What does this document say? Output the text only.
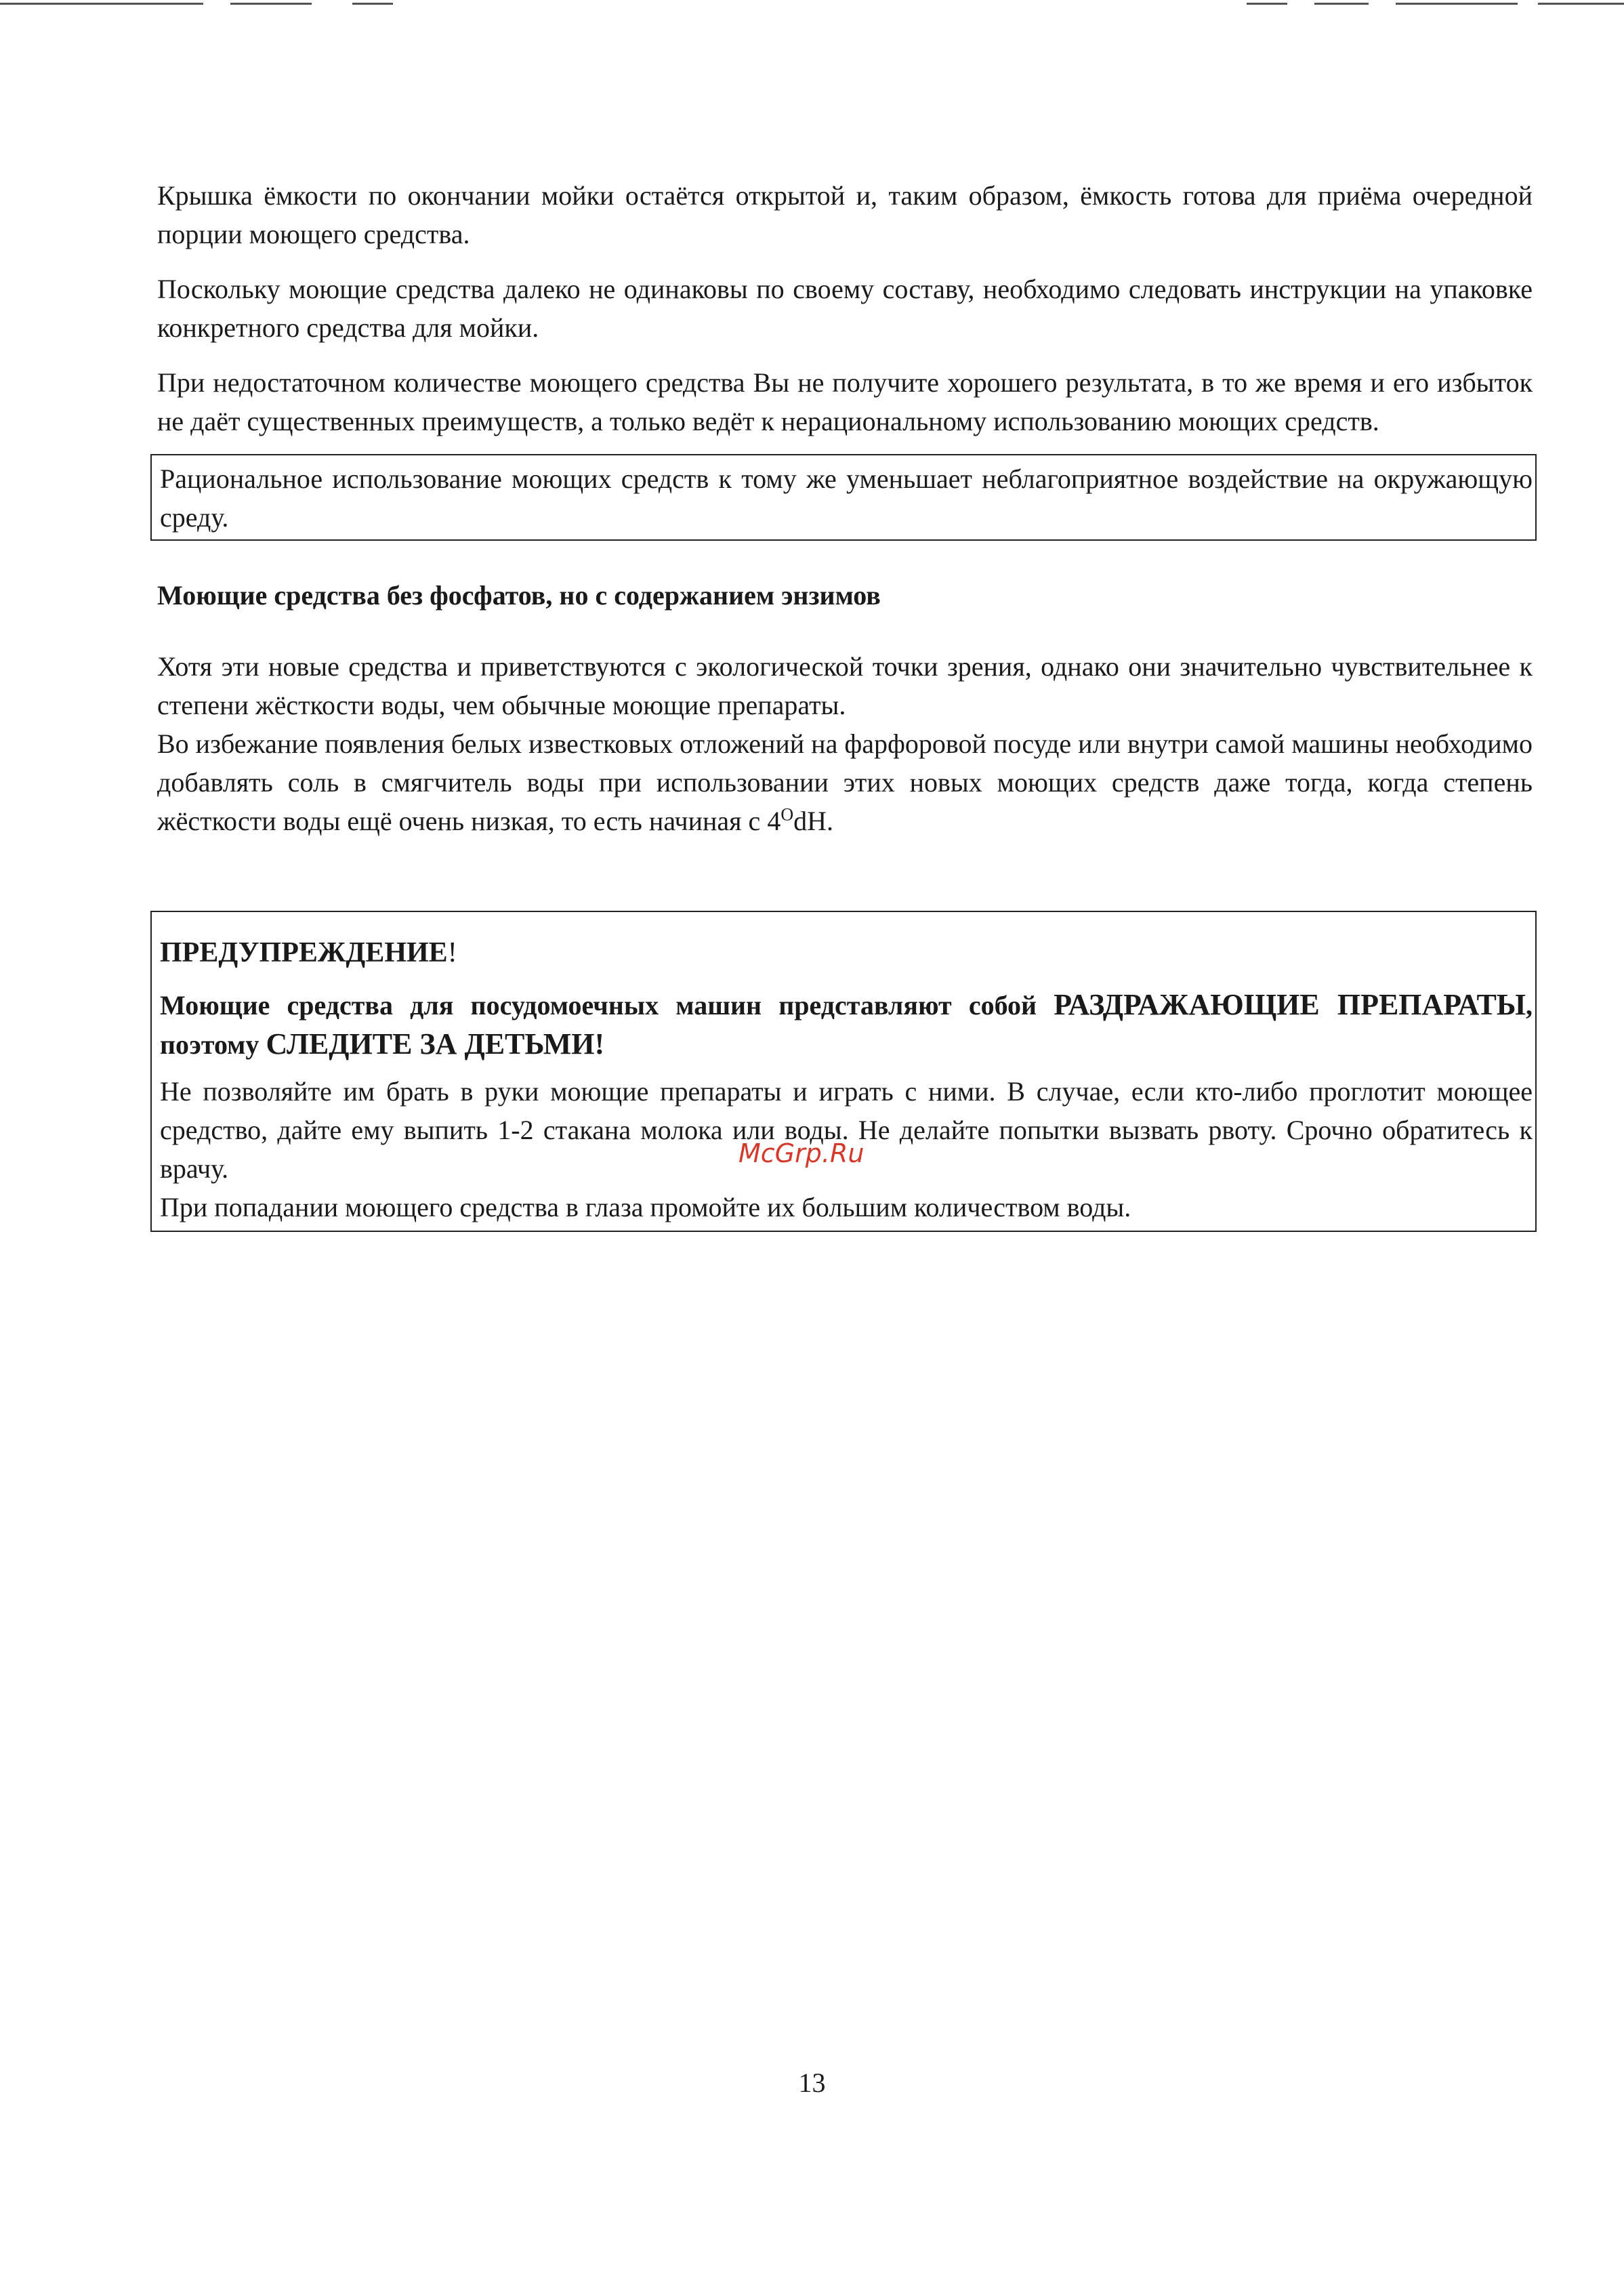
Крышка ёмкости по окончании мойки остаётся открытой и, таким образом, ёмкость готова для приёма очередной порции моющего средства.

Поскольку моющие средства далеко не одинаковы по своему составу, необходимо следовать инструкции на упаковке конкретного средства для мойки.

При недостаточном количестве моющего средства Вы не получите хорошего результата, в то же время и его избыток не даёт существенных преимуществ, а только ведёт к нерациональному использованию моющих средств.

Рациональное использование моющих средств к тому же уменьшает неблагоприятное воздействие на окружающую среду.

Моющие средства без фосфатов, но с содержанием энзимов

Хотя эти новые средства и приветствуются с экологической точки зрения, однако они значительно чувствительнее к степени жёсткости воды, чем обычные моющие препараты.

Во избежание появления белых известковых отложений на фарфоровой посуде или внутри самой машины необходимо добавлять соль в смягчитель воды при использовании этих новых моющих средств даже тогда, когда степень жёсткости воды ещё очень низкая, то есть начиная с $4^OdH$.

ПРЕДУПРЕЖДЕНИЕ!

Моющие средства для посудомоечных машин представляют собой РАЗДРАЖАЮЩИЕ ПРЕПАРАТЫ, поэтому СЛЕДИТЕ ЗА ДЕТЬМИ!

Не позволяйте им брать в руки моющие препараты и играть с ними. В случае, если кто-либо проглотит моющее средство, дайте ему выпить 1-2 стакана молока или воды. Не делайте попытки вызвать рвоту. Срочно обратитесь к врачу.

При попадании моющего средства в глаза промойте их большим количеством воды.

McGrp.Ru
13
